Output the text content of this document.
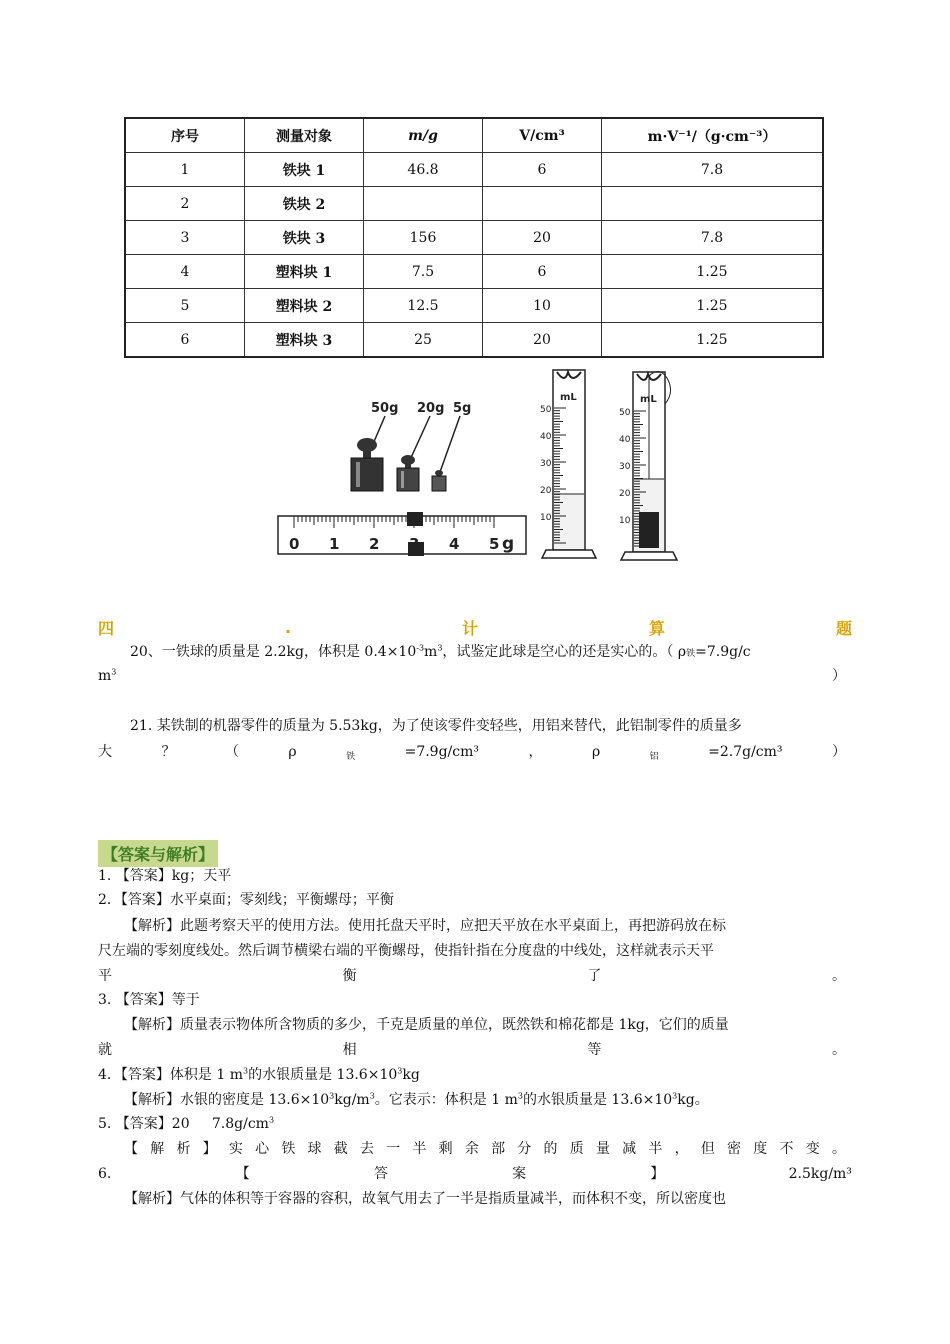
序号	测量对象	m/g	V/cm³	m·V⁻¹/（g·cm⁻³）
1	铁块 1	46.8	6	7.8
2	铁块 2			
3	铁块 3	156	20	7.8
4	塑料块 1	7.5	6	1.25
5	塑料块 2	12.5	10	1.25
6	塑料块 3	25	20	1.25
50g 20g 5g
0 1 2	4 5 g
mL
50
40
30
20
10
mL
50
40
30
20
10
四	.	计	算	题
20、一铁球的质量是 2.2kg，体积是 $0.4\times 10^{-3}m^3$，试鉴定此球是空心的还是实心的。（ ρ铁=7.9g/c
$m^3$	）
21. 某铁制的机器零件的质量为 5.53kg，为了使该零件变轻些，用铝来替代，此铝制零件的质量多
大	？	（	ρ	铁	=7.9g/cm³	，	ρ	铝	=2.7g/cm³	）
【答案与解析】
1. 【答案】kg；天平
2．【答案】水平桌面；零刻线；平衡螺母；平衡
【解析】此题考察天平的使用方法。使用托盘天平时，应把天平放在水平桌面上，再把游码放在标
尺左端的零刻度线处。然后调节横梁右端的平衡螺母，使指针指在分度盘的中线处，这样就表示天平
平	衡	了	。
3. 【答案】等于
【解析】质量表示物体所含物质的多少，千克是质量的单位，既然铁和棉花都是 1kg，它们的质量
就	相	等	。
4．【答案】体积是 1 $m^3$的水银质量是 $13.6\times 10^3kg$
【解析】水银的密度是 $13.6\times 10^3kg/m^3$。它表示：体积是 1 $m^3$的水银质量是 $13.6\times 10^3kg$。
5. 【答案】20 $7.8g/cm^3$
【 解 析 】 实 心 铁 球 截 去 一 半 剩 余 部 分 的 质 量 减 半 ， 但 密 度 不 变 。
6.	【	答	案	】	2.5kg/m³
【解析】气体的体积等于容器的容积，故氧气用去了一半是指质量减半，而体积不变，所以密度也
